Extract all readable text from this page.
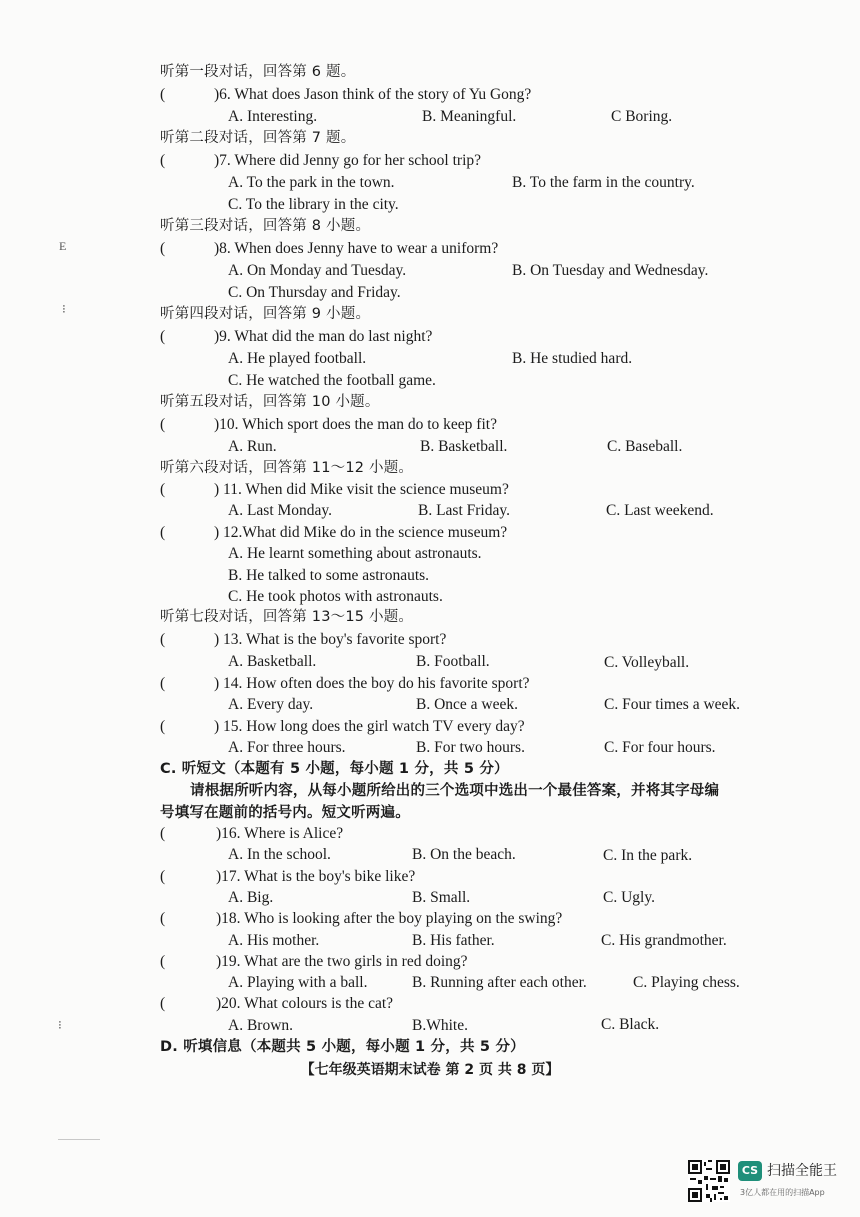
听第一段对话，回答第 6 题。
(	)6. What does Jason think of the story of Yu Gong?
A. Interesting.	B. Meaningful.	C Boring.
听第二段对话，回答第 7 题。
(	)7. Where did Jenny go for her school trip?
A. To the park in the town.	B. To the farm in the country.
C. To the library in the city.
听第三段对话，回答第 8 小题。
(	)8. When does Jenny have to wear a uniform?
A. On Monday and Tuesday.	B. On Tuesday and Wednesday.
C. On Thursday and Friday.
听第四段对话，回答第 9 小题。
(	)9. What did the man do last night?
A. He played football.	B. He studied hard.
C. He watched the football game.
听第五段对话，回答第 10 小题。
(	)10. Which sport does the man do to keep fit?
A. Run.	B. Basketball.	C. Baseball.
听第六段对话，回答第 11～12 小题。
(	) 11. When did Mike visit the science museum?
A. Last Monday.	B. Last Friday.	C. Last weekend.
(	) 12.What did Mike do in the science museum?
A. He learnt something about astronauts.
B. He talked to some astronauts.
C. He took photos with astronauts.
听第七段对话，回答第 13～15 小题。
(	) 13. What is the boy's favorite sport?
A. Basketball.	B. Football.	C. Volleyball.
(	) 14. How often does the boy do his favorite sport?
A. Every day.	B. Once a week.	C. Four times a week.
(	) 15. How long does the girl watch TV every day?
A. For three hours.	B. For two hours.	C. For four hours.
C. 听短文（本题有 5 小题，每小题 1 分，共 5 分）
请根据所听内容，从每小题所给出的三个选项中选出一个最佳答案，并将其字母编
号填写在题前的括号内。短文听两遍。
(	)16. Where is Alice?
A. In the school.	B. On the beach.	C. In the park.
(	)17. What is the boy's bike like?
A. Big.	B. Small.	C. Ugly.
(	)18. Who is looking after the boy playing on the swing?
A. His mother.	B. His father.	C. His grandmother.
(	)19. What are the two girls in red doing?
A. Playing with a ball.	B. Running after each other.	C. Playing chess.
(	)20. What colours is the cat?
A. Brown.	B.White.	C. Black.
D. 听填信息（本题共 5 小题，每小题 1 分，共 5 分）
【七年级英语期末试卷 第 2 页 共 8 页】
E
⁝
⁝
CS 扫描全能王
3亿人都在用的扫描App
